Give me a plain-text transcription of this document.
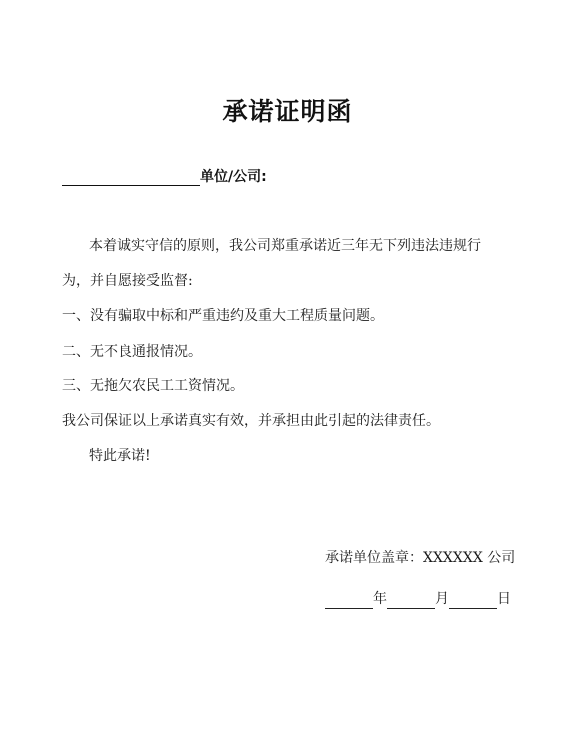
承诺证明函
单位/公司:
本着诚实守信的原则，我公司郑重承诺近三年无下列违法违规行
为，并自愿接受监督:
一、没有骗取中标和严重违约及重大工程质量问题。
二、无不良通报情况。
三、无拖欠农民工工资情况。
我公司保证以上承诺真实有效，并承担由此引起的法律责任。
特此承诺!
承诺单位盖章：XXXXXX 公司
年	月	日
